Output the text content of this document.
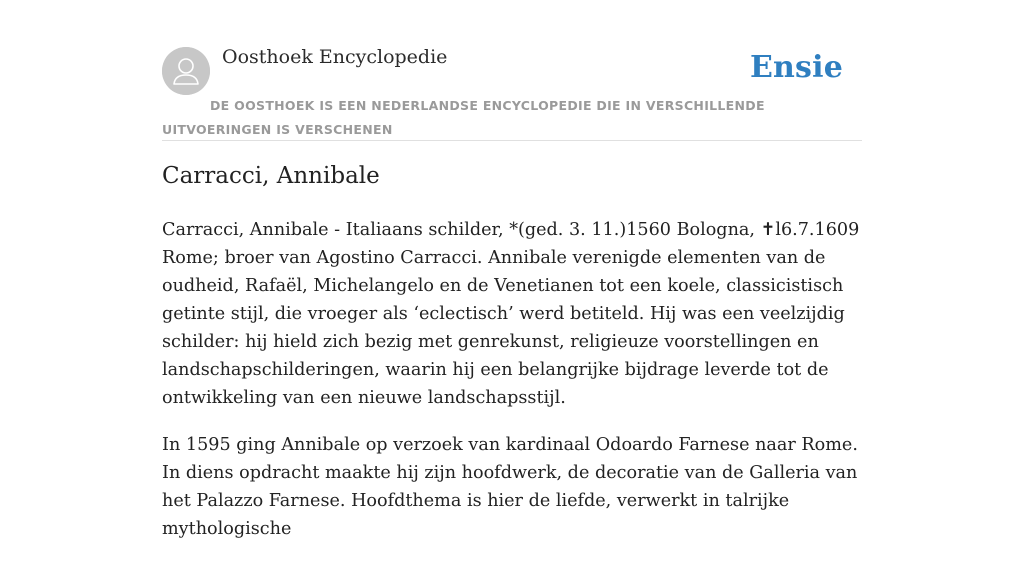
Oosthoek Encyclopedie	Ensie
DE OOSTHOEK IS EEN NEDERLANDSE ENCYCLOPEDIE DIE IN VERSCHILLENDE UITVOERINGEN IS VERSCHENEN
Carracci, Annibale

Carracci, Annibale - Italiaans schilder, *(ged. 3. 11.)1560 Bologna, ✝l6.7.1609 Rome; broer van Agostino Carracci. Annibale verenigde elementen van de oudheid, Rafaël, Michelangelo en de Venetianen tot een koele, classicistisch getinte stijl, die vroeger als ‘eclectisch’ werd betiteld. Hij was een veelzijdig schilder: hij hield zich bezig met genrekunst, religieuze voorstellingen en landschapschilderingen, waarin hij een belangrijke bijdrage leverde tot de ontwikkeling van een nieuwe landschapsstijl.

In 1595 ging Annibale op verzoek van kardinaal Odoardo Farnese naar Rome. In diens opdracht maakte hij zijn hoofdwerk, de decoratie van de Galleria van het Palazzo Farnese. Hoofdthema is hier de liefde, verwerkt in talrijke mythologische
